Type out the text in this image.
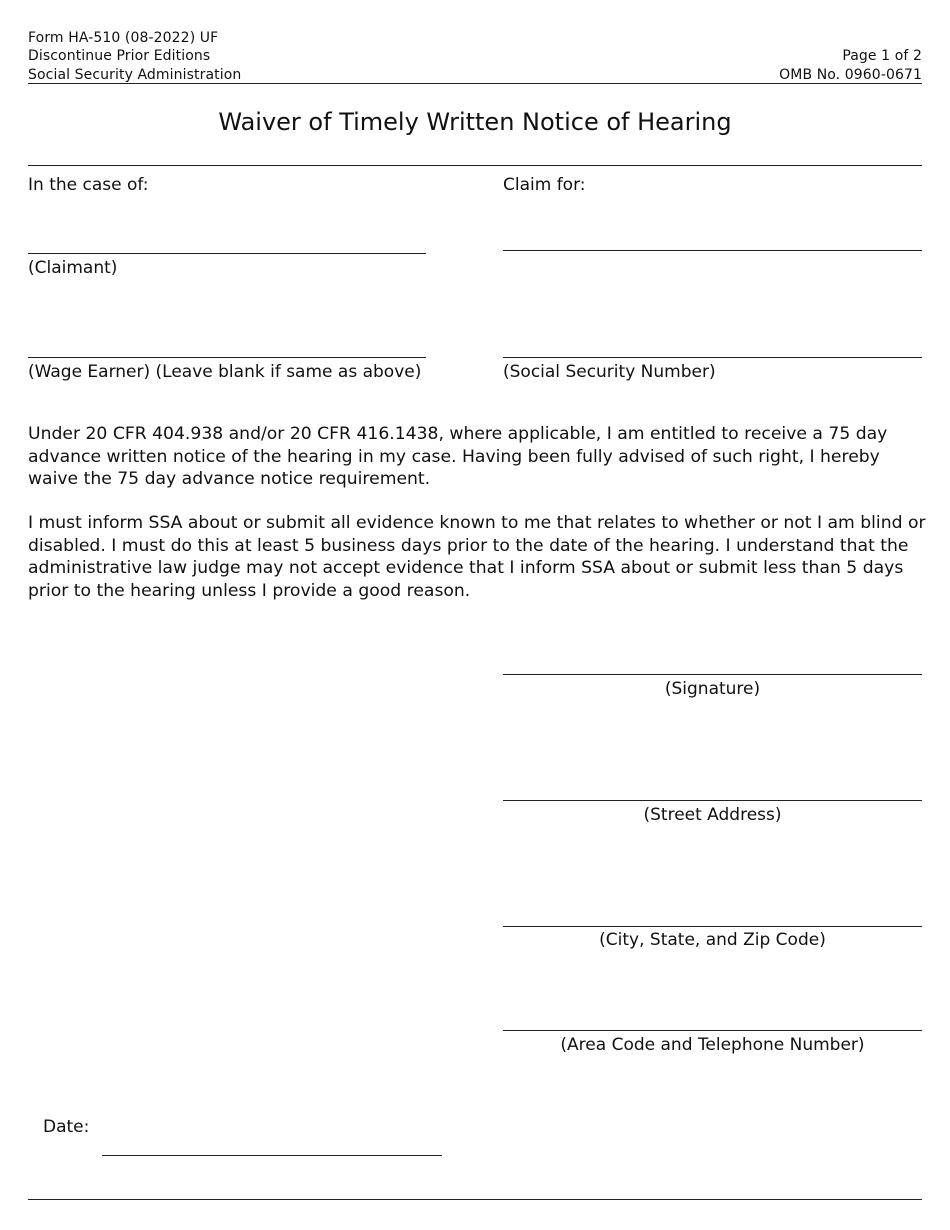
Form HA-510 (08-2022) UF
Discontinue Prior Editions
Social Security Administration
Page 1 of 2
OMB No. 0960-0671
Waiver of Timely Written Notice of Hearing
In the case of:	Claim for:
(Claimant)
(Wage Earner) (Leave blank if same as above)	(Social Security Number)
Under 20 CFR 404.938 and/or 20 CFR 416.1438, where applicable, I am entitled to receive a 75 day advance written notice of the hearing in my case. Having been fully advised of such right, I hereby waive the 75 day advance notice requirement.
I must inform SSA about or submit all evidence known to me that relates to whether or not I am blind or disabled. I must do this at least 5 business days prior to the date of the hearing. I understand that the administrative law judge may not accept evidence that I inform SSA about or submit less than 5 days prior to the hearing unless I provide a good reason.
(Signature)
(Street Address)
(City, State, and Zip Code)
(Area Code and Telephone Number)
Date:
